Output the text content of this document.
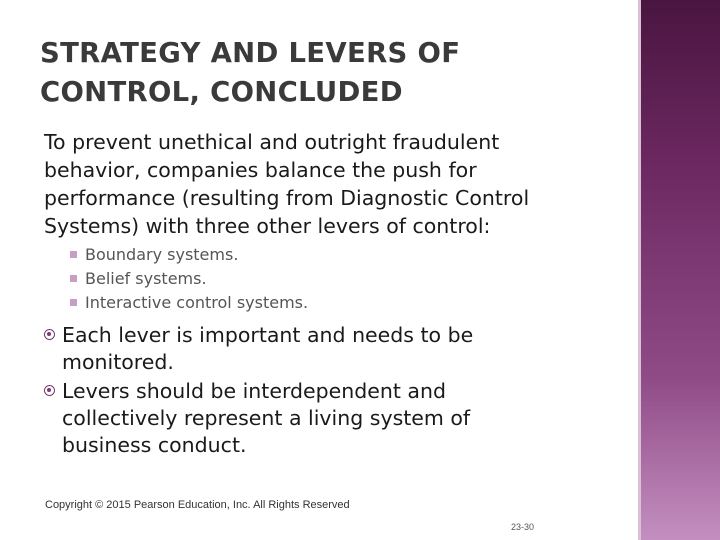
STRATEGY AND LEVERS OF
CONTROL, CONCLUDED
To prevent unethical and outright fraudulent
behavior, companies balance the push for
performance (resulting from Diagnostic Control
Systems) with three other levers of control:
Boundary systems.
Belief systems.
Interactive control systems.
Each lever is important and needs to be
monitored.
Levers should be interdependent and
collectively represent a living system of
business conduct.
Copyright © 2015 Pearson Education, Inc. All Rights Reserved
23-30
